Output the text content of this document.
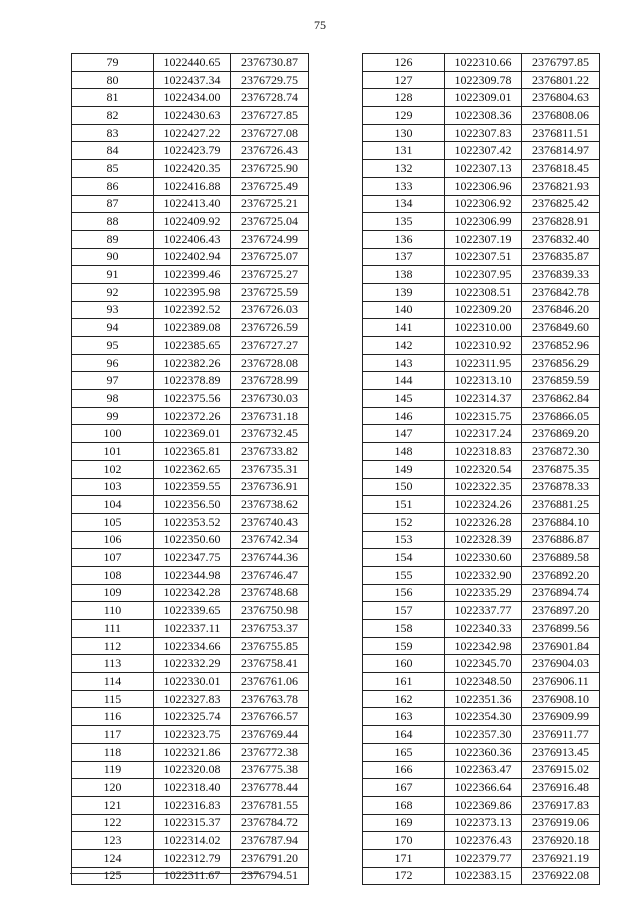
75
79	1022440.65	2376730.87
80	1022437.34	2376729.75
81	1022434.00	2376728.74
82	1022430.63	2376727.85
83	1022427.22	2376727.08
84	1022423.79	2376726.43
85	1022420.35	2376725.90
86	1022416.88	2376725.49
87	1022413.40	2376725.21
88	1022409.92	2376725.04
89	1022406.43	2376724.99
90	1022402.94	2376725.07
91	1022399.46	2376725.27
92	1022395.98	2376725.59
93	1022392.52	2376726.03
94	1022389.08	2376726.59
95	1022385.65	2376727.27
96	1022382.26	2376728.08
97	1022378.89	2376728.99
98	1022375.56	2376730.03
99	1022372.26	2376731.18
100	1022369.01	2376732.45
101	1022365.81	2376733.82
102	1022362.65	2376735.31
103	1022359.55	2376736.91
104	1022356.50	2376738.62
105	1022353.52	2376740.43
106	1022350.60	2376742.34
107	1022347.75	2376744.36
108	1022344.98	2376746.47
109	1022342.28	2376748.68
110	1022339.65	2376750.98
111	1022337.11	2376753.37
112	1022334.66	2376755.85
113	1022332.29	2376758.41
114	1022330.01	2376761.06
115	1022327.83	2376763.78
116	1022325.74	2376766.57
117	1022323.75	2376769.44
118	1022321.86	2376772.38
119	1022320.08	2376775.38
120	1022318.40	2376778.44
121	1022316.83	2376781.55
122	1022315.37	2376784.72
123	1022314.02	2376787.94
124	1022312.79	2376791.20
125	1022311.67	2376794.51
126	1022310.66	2376797.85
127	1022309.78	2376801.22
128	1022309.01	2376804.63
129	1022308.36	2376808.06
130	1022307.83	2376811.51
131	1022307.42	2376814.97
132	1022307.13	2376818.45
133	1022306.96	2376821.93
134	1022306.92	2376825.42
135	1022306.99	2376828.91
136	1022307.19	2376832.40
137	1022307.51	2376835.87
138	1022307.95	2376839.33
139	1022308.51	2376842.78
140	1022309.20	2376846.20
141	1022310.00	2376849.60
142	1022310.92	2376852.96
143	1022311.95	2376856.29
144	1022313.10	2376859.59
145	1022314.37	2376862.84
146	1022315.75	2376866.05
147	1022317.24	2376869.20
148	1022318.83	2376872.30
149	1022320.54	2376875.35
150	1022322.35	2376878.33
151	1022324.26	2376881.25
152	1022326.28	2376884.10
153	1022328.39	2376886.87
154	1022330.60	2376889.58
155	1022332.90	2376892.20
156	1022335.29	2376894.74
157	1022337.77	2376897.20
158	1022340.33	2376899.56
159	1022342.98	2376901.84
160	1022345.70	2376904.03
161	1022348.50	2376906.11
162	1022351.36	2376908.10
163	1022354.30	2376909.99
164	1022357.30	2376911.77
165	1022360.36	2376913.45
166	1022363.47	2376915.02
167	1022366.64	2376916.48
168	1022369.86	2376917.83
169	1022373.13	2376919.06
170	1022376.43	2376920.18
171	1022379.77	2376921.19
172	1022383.15	2376922.08
